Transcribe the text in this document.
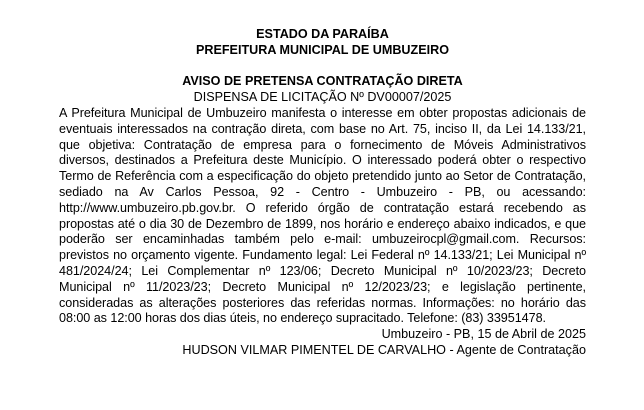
ESTADO DA PARAÍBA

PREFEITURA MUNICIPAL DE UMBUZEIRO

AVISO DE PRETENSA CONTRATAÇÃO DIRETA

DISPENSA DE LICITAÇÃO Nº DV00007/2025

A Prefeitura Municipal de Umbuzeiro manifesta o interesse em obter propostas adicionais de eventuais interessados na contração direta, com base no Art. 75, inciso II, da Lei 14.133/21, que objetiva: Contratação de empresa para o fornecimento de Móveis Administrativos diversos, destinados a Prefeitura deste Município. O interessado poderá obter o respectivo Termo de Referência com a especificação do objeto pretendido junto ao Setor de Contratação, sediado na Av Carlos Pessoa, 92 - Centro - Umbuzeiro - PB, ou acessando: http://www.umbuzeiro.pb.gov.br. O referido órgão de contratação estará recebendo as propostas até o dia 30 de Dezembro de 1899, nos horário e endereço abaixo indicados, e que poderão ser encaminhadas também pelo e-mail: umbuzeirocpl@gmail.com. Recursos: previstos no orçamento vigente. Fundamento legal: Lei Federal nº 14.133/21; Lei Municipal nº 481/2024/24; Lei Complementar nº 123/06; Decreto Municipal nº 10/2023/23; Decreto Municipal nº 11/2023/23; Decreto Municipal nº 12/2023/23; e legislação pertinente, consideradas as alterações posteriores das referidas normas. Informações: no horário das 08:00 as 12:00 horas dos dias úteis, no endereço supracitado. Telefone: (83) 33951478.

Umbuzeiro - PB, 15 de Abril de 2025

HUDSON VILMAR PIMENTEL DE CARVALHO - Agente de Contratação
